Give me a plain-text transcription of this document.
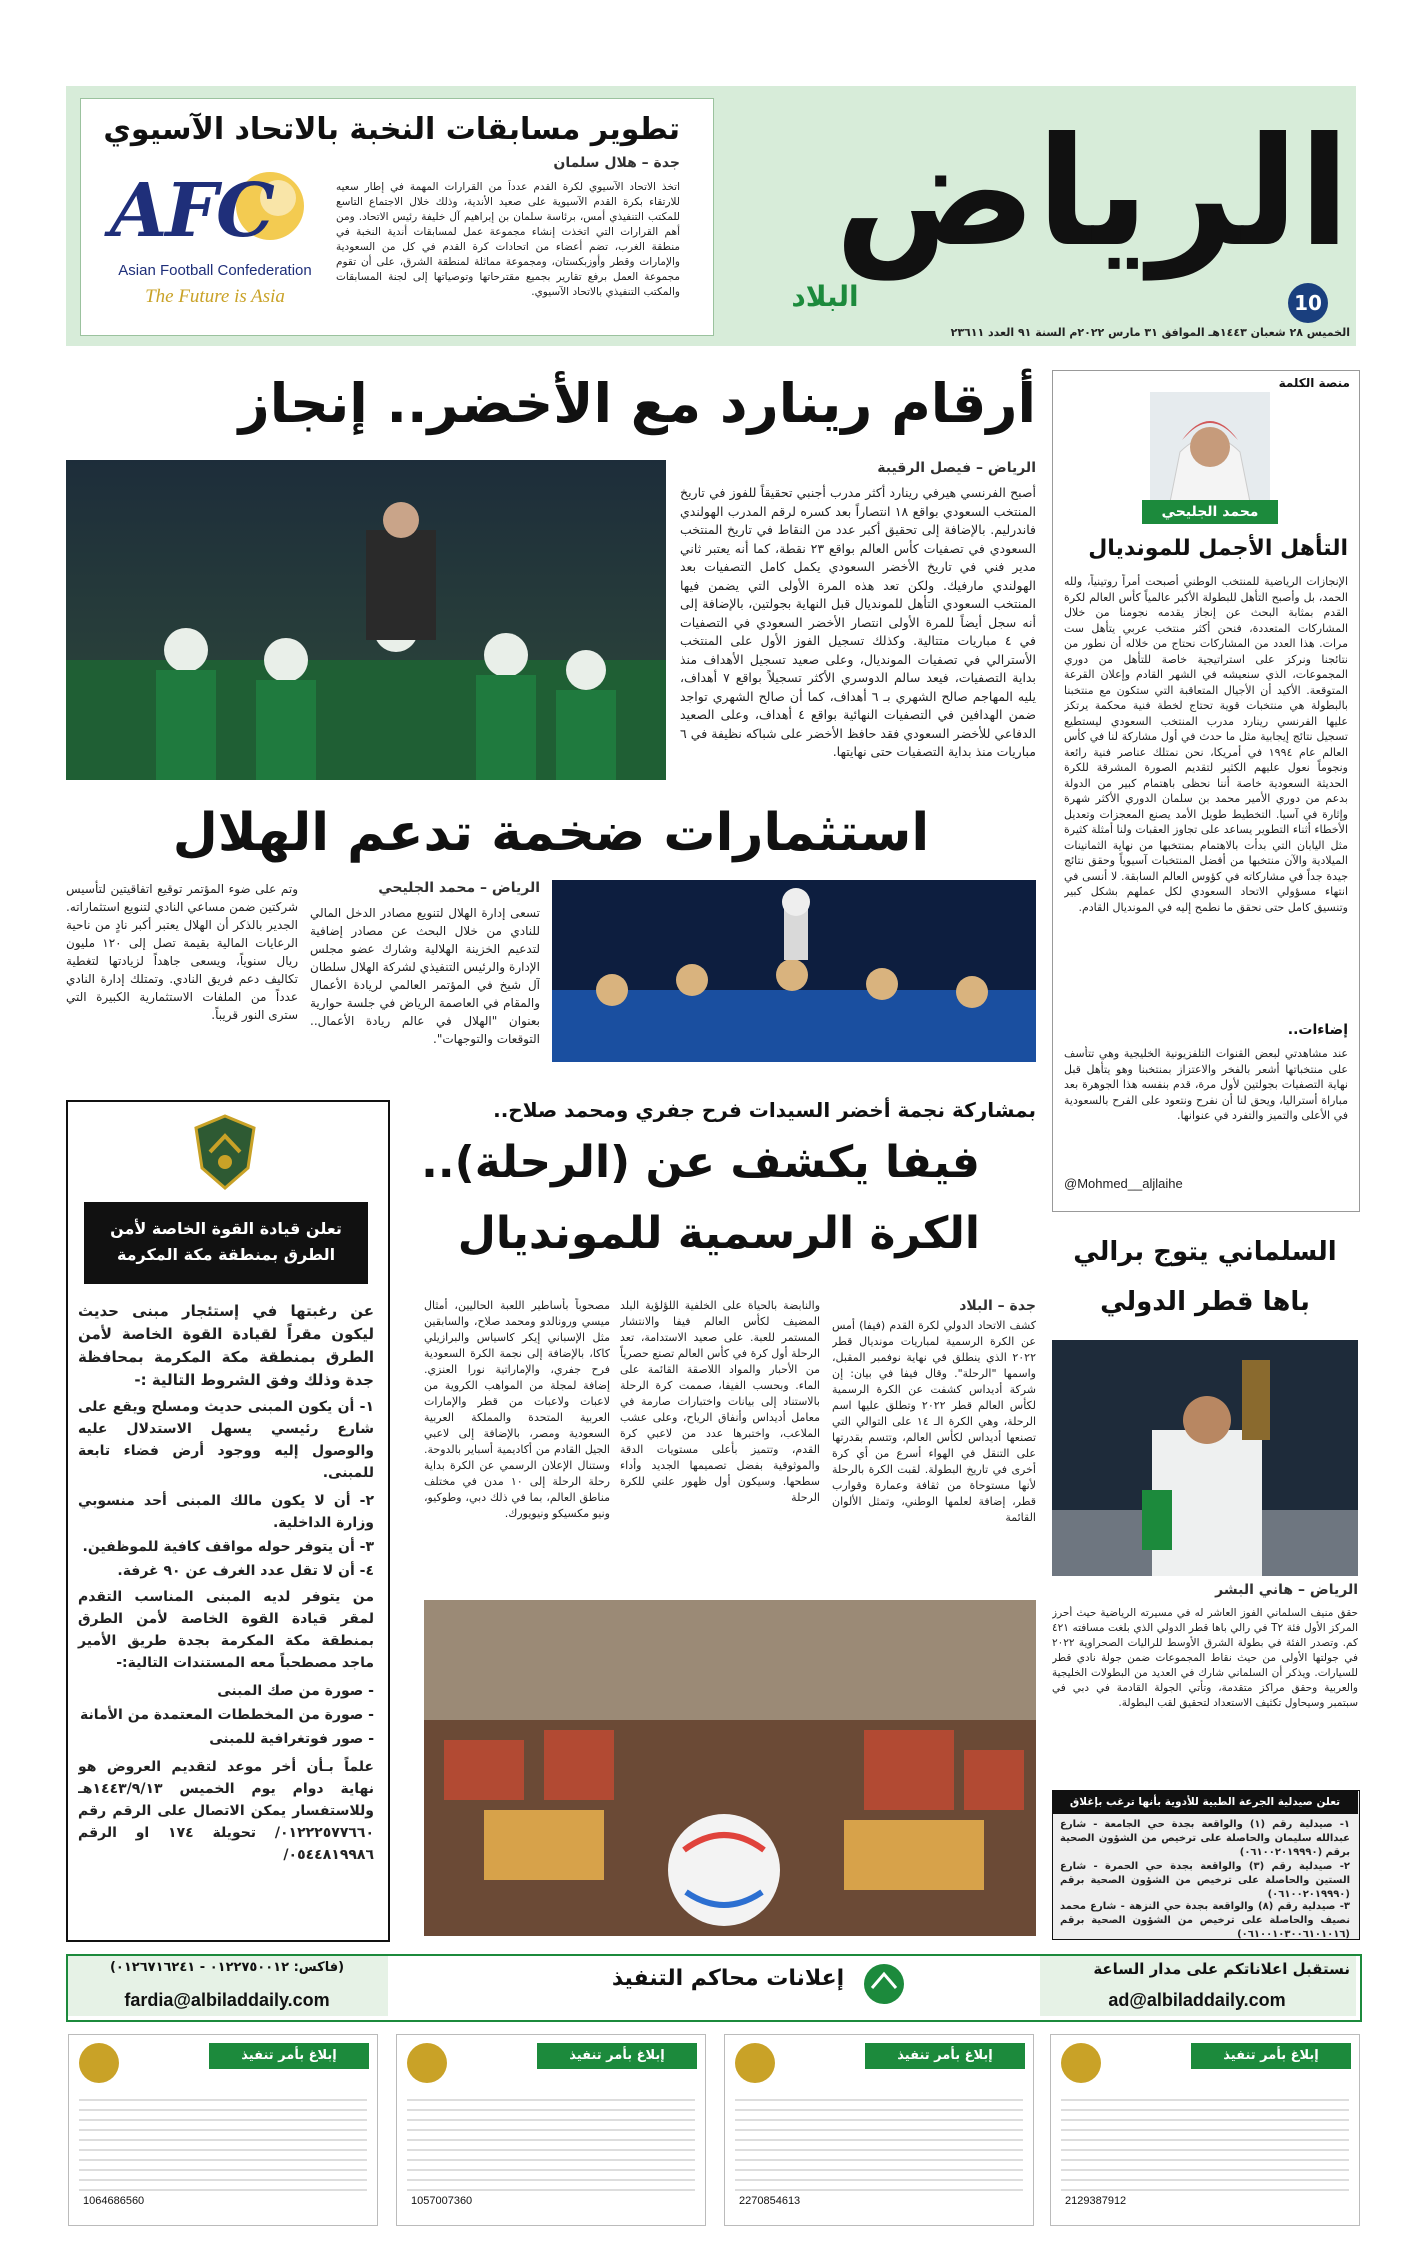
تطوير مسابقات النخبة بالاتحاد الآسيوي
جدة – هلال سلمان
AFC
Asian Football Confederation
The Future is Asia
اتخذ الاتحاد الآسيوي لكرة القدم عدداً من القرارات المهمة في إطار سعيه للارتقاء بكرة القدم الآسيوية على صعيد الأندية، وذلك خلال الاجتماع التاسع للمكتب التنفيذي أمس، برئاسة سلمان بن إبراهيم آل خليفة رئيس الاتحاد. ومن أهم القرارات التي اتخذت إنشاء مجموعة عمل لمسابقات أندية النخبة في منطقة الغرب، تضم أعضاء من اتحادات كرة القدم في كل من السعودية والإمارات وقطر وأوزبكستان، ومجموعة مماثلة لمنطقة الشرق، على أن تقوم مجموعة العمل برفع تقارير بجميع مقترحاتها وتوصياتها إلى لجنة المسابقات والمكتب التنفيذي بالاتحاد الآسيوي.
الرياض
البلاد	10
الخميس ٢٨ شعبان ١٤٤٣هـ الموافق ٣١ مارس ٢٠٢٢م السنة ٩١ العدد ٢٣٦١١
منصة الكلمة
محمد الجليحي
التأهل الأجمل للمونديال
الإنجازات الرياضية للمنتخب الوطني أصبحت أمراً روتينياً، ولله الحمد، بل وأصبح التأهل للبطولة الأكبر عالمياً كأس العالم لكرة القدم بمثابة البحث عن إنجاز يقدمه نجومنا من خلال المشاركات المتعددة، فنحن أكثر منتخب عربي يتأهل ست مرات. هذا العدد من المشاركات نحتاج من خلاله أن نطور من نتائجنا ونركز على استراتيجية خاصة للتأهل من دوري المجموعات، الذي سنعيشه في الشهر القادم وإعلان القرعة المتوقعة. الأكيد أن الأجيال المتعاقبة التي ستكون مع منتخبنا بالبطولة هي منتخبات قوية تحتاج لخطة فنية محكمة يرتكز عليها الفرنسي رينارد مدرب المنتخب السعودي ليستطيع تسجيل نتائج إيجابية مثل ما حدث في أول مشاركة لنا في كأس العالم عام ١٩٩٤ في أمريكا، نحن نمتلك عناصر فنية رائعة ونجوماً نعول عليهم الكثير لتقديم الصورة المشرقة للكرة الحديثة السعودية خاصة أننا نحظى باهتمام كبير من الدولة بدعم من دوري الأمير محمد بن سلمان الدوري الأكثر شهرة وإثارة في آسيا. التخطيط طويل الأمد يصنع المعجزات وتعديل الأخطاء أثناء التطوير يساعد على تجاوز العقبات ولنا أمثلة كثيرة مثل اليابان التي بدأت بالاهتمام بمنتخبها من نهاية الثمانينات الميلادية والآن منتخبها من أفضل المنتخبات آسيوياً وحقق نتائج جيدة جداً في مشاركاته في كؤوس العالم السابقة. لا أنسى في انتهاء مسؤولي الاتحاد السعودي لكل عملهم بشكل كبير وتنسيق كامل حتى نحقق ما نطمح إليه في المونديال القادم.
إضاءات..
عند مشاهدتي لبعض القنوات التلفزيونية الخليجية وهي تتأسف على منتخباتها أشعر بالفخر والاعتزاز بمنتخبنا وهو يتأهل قبل نهاية التصفيات بجولتين لأول مرة، قدم بنفسه هذا الجوهرة بعد مباراة أستراليا، ويحق لنا أن نفرح ونتعود على الفرح بالسعودية في الأعلى والتميز والتفرد في عنوانها.
@Mohmed__aljlaihe
أرقام رينارد مع الأخضر.. إنجاز
الرياض – فيصل الرقيبة
أصبح الفرنسي هيرفي رينارد أكثر مدرب أجنبي تحقيقاً للفوز في تاريخ المنتخب السعودي بواقع ١٨ انتصاراً بعد كسره لرقم المدرب الهولندي فاندرليم. بالإضافة إلى تحقيق أكبر عدد من النقاط في تاريخ المنتخب السعودي في تصفيات كأس العالم بواقع ٢٣ نقطة، كما أنه يعتبر ثاني مدير فني في تاريخ الأخضر السعودي يكمل كامل التصفيات بعد الهولندي مارفيك. ولكن تعد هذه المرة الأولى التي يضمن فيها المنتخب السعودي التأهل للمونديال قبل النهاية بجولتين، بالإضافة إلى أنه سجل أيضاً للمرة الأولى انتصار الأخضر السعودي في التصفيات في ٤ مباريات متتالية. وكذلك تسجيل الفوز الأول على المنتخب الأسترالي في تصفيات المونديال، وعلى صعيد تسجيل الأهداف منذ بداية التصفيات، فيعد سالم الدوسري الأكثر تسجيلاً بواقع ٧ أهداف، يليه المهاجم صالح الشهري بـ ٦ أهداف، كما أن صالح الشهري تواجد ضمن الهدافين في التصفيات النهائية بواقع ٤ أهداف، وعلى الصعيد الدفاعي للأخضر السعودي فقد حافظ الأخضر على شباكه نظيفة في ٦ مباريات منذ بداية التصفيات حتى نهايتها.
استثمارات ضخمة تدعم الهلال
الرياض – محمد الجليحي
تسعى إدارة الهلال لتنويع مصادر الدخل المالي للنادي من خلال البحث عن مصادر إضافية لتدعيم الخزينة الهلالية وشارك عضو مجلس الإدارة والرئيس التنفيذي لشركة الهلال سلطان آل شيخ في المؤتمر العالمي لريادة الأعمال والمقام في العاصمة الرياض في جلسة حوارية بعنوان "الهلال في عالم ريادة الأعمال.. التوقعات والتوجهات".
وتم على ضوء المؤتمر توقيع اتفاقيتين لتأسيس شركتين ضمن مساعي النادي لتنويع استثماراته. الجدير بالذكر أن الهلال يعتبر أكبر نادٍ من ناحية الرعايات المالية بقيمة تصل إلى ١٢٠ مليون ريال سنوياً، ويسعى جاهداً لزيادتها لتغطية تكاليف دعم فريق النادي. وتمتلك إدارة النادي عدداً من الملفات الاستثمارية الكبيرة التي سترى النور قريباً.
بمشاركة نجمة أخضر السيدات فرح جفري ومحمد صلاح..
فيفا يكشف عن (الرحلة)..
الكرة الرسمية للمونديال
جدة – البلاد
كشف الاتحاد الدولي لكرة القدم (فيفا) أمس عن الكرة الرسمية لمباريات مونديال قطر ٢٠٢٢ الذي ينطلق في نهاية نوفمبر المقبل، واسمها "الرحلة". وقال فيفا في بيان: إن شركة أديداس كشفت عن الكرة الرسمية لكأس العالم قطر ٢٠٢٢ وتطلق عليها اسم الرحلة، وهي الكرة الـ ١٤ على التوالي التي تصنعها أديداس لكأس العالم، وتتسم بقدرتها على التنقل في الهواء أسرع من أي كرة أخرى في تاريخ البطولة. لقبت الكرة بالرحلة لأنها مستوحاة من ثقافة وعمارة وقوارب قطر، إضافة لعلمها الوطني، وتمثل الألوان القائمة
والنابضة بالحياة على الخلفية اللؤلؤية البلد المضيف لكأس العالم فيفا والانتشار المستمر للعبة. على صعيد الاستدامة، تعد الرحلة أول كرة في كأس العالم تصنع حصرياً من الأحبار والمواد اللاصقة القائمة على الماء. وبحسب الفيفا، صممت كرة الرحلة بالاستناد إلى بيانات واختبارات صارمة في معامل أديداس وأنفاق الرياح، وعلى عشب الملاعب، واختبرها عدد من لاعبي كرة القدم، وتتميز بأعلى مستويات الدقة والموثوقية بفضل تصميمها الجديد وأداء سطحها. وسيكون أول ظهور علني للكرة الرحلة
مصحوباً بأساطير اللعبة الحاليين، أمثال ميسي ورونالدو ومحمد صلاح، والسابقين مثل الإسباني إيكر كاسياس والبرازيلي كاكا، بالإضافة إلى نجمة الكرة السعودية فرح جفري، والإماراتية نورا العنزي. إضافة لمجلة من المواهب الكروية من لاعبات ولاعبات من قطر والإمارات العربية المتحدة والمملكة العربية السعودية ومصر، بالإضافة إلى لاعبي الجيل القادم من أكاديمية أسباير بالدوحة. وستنال الإعلان الرسمي عن الكرة بداية رحلة الرحلة إلى ١٠ مدن في مختلف مناطق العالم، بما في ذلك دبي، وطوكيو، ونيو مكسيكو ونيويورك.
تعلن قيادة القوة الخاصة لأمن الطرق بمنطقة مكة المكرمة
عن رغبتها في إستئجار مبنى حديث ليكون مقراً لقيادة القوة الخاصة لأمن الطرق بمنطقة مكة المكرمة بمحافظة جدة وذلك وفق الشروط التالية :-
١- أن يكون المبنى حديث ومسلح ويقع على شارع رئيسي يسهل الاستدلال عليه والوصول إليه ووجود أرض فضاء تابعة للمبنى.
٢- أن لا يكون مالك المبنى أحد منسوبي وزارة الداخلية.
٣- أن يتوفر حوله مواقف كافية للموظفين.
٤- أن لا تقل عدد الغرف عن ٩٠ غرفة.
من يتوفر لديه المبنى المناسب التقدم لمقر قيادة القوة الخاصة لأمن الطرق بمنطقة مكة المكرمة بجدة طريق الأمير ماجد مصطحباً معه المستندات التالية:-
- صورة من صك المبنى
- صورة من المخططات المعتمدة من الأمانة
- صور فوتغرافية للمبنى
علماً بـأن أخر موعد لتقديم العروض هو نهاية دوام يوم الخميس ١٤٤٣/٩/١٣هـ وللاستفسار يمكن الاتصال على الرقم رقم ٠١٢٢٢٥٧٧٦٦٠/ تحويلة ١٧٤ او الرقم ٠٥٤٤٨١٩٩٨٦/
السلماني يتوج برالي
باها قطر الدولي
الرياض – هاني البشر
حقق منيف السلماني الفوز العاشر له في مسيرته الرياضية حيث أحرز المركز الأول فئة T٢ في رالي باها قطر الدولي الذي بلغت مسافته ٤٢١ كم. وتصدر الفئة في بطولة الشرق الأوسط للراليات الصحراوية ٢٠٢٢ في جولتها الأولى من حيث نقاط المجموعات ضمن جولة نادي قطر للسيارات. ويذكر أن السلماني شارك في العديد من البطولات الخليجية والعربية وحقق مراكز متقدمة، وتأتي الجولة القادمة في دبي في سبتمبر وسيحاول تكثيف الاستعداد لتحقيق لقب البطولة.
تعلن صيدلية الجرعة الطبية للأدوية بأنها ترغب بإغلاق
١- صيدلية رقم (١) والواقعة بجدة حي الجامعة - شارع عبدالله سليمان والحاصلة على ترخيص من الشؤون الصحية برقم (٠٦١٠٠٢٠١٩٩٩٠)
٢- صيدلية رقم (٣) والواقعة بجدة حي الحمرة - شارع الستين والحاصلة على ترخيص من الشؤون الصحية برقم (٠٦١٠٠٢٠١٩٩٩٠)
٣- صيدلية رقم (٨) والواقعة بجدة حي النزهة - شارع محمد نصيف والحاصلة على ترخيص من الشؤون الصحية برقم (٠٦١٠٠١٠٣٠٠٦١٠١٠١٦)
نستقبل اعلاناتكم على مدار الساعة
ad@albiladdaily.com
إعلانات محاكم التنفيذ
(فاكس: ٠١٢٢٧٥٠٠١٢ - ٠١٢٦٧١٦٢٤١)
fardia@albiladdaily.com
إبلاغ بأمر تنفيذ
2129387912
إبلاغ بأمر تنفيذ
2270854613
إبلاغ بأمر تنفيذ
1057007360
إبلاغ بأمر تنفيذ
1064686560
